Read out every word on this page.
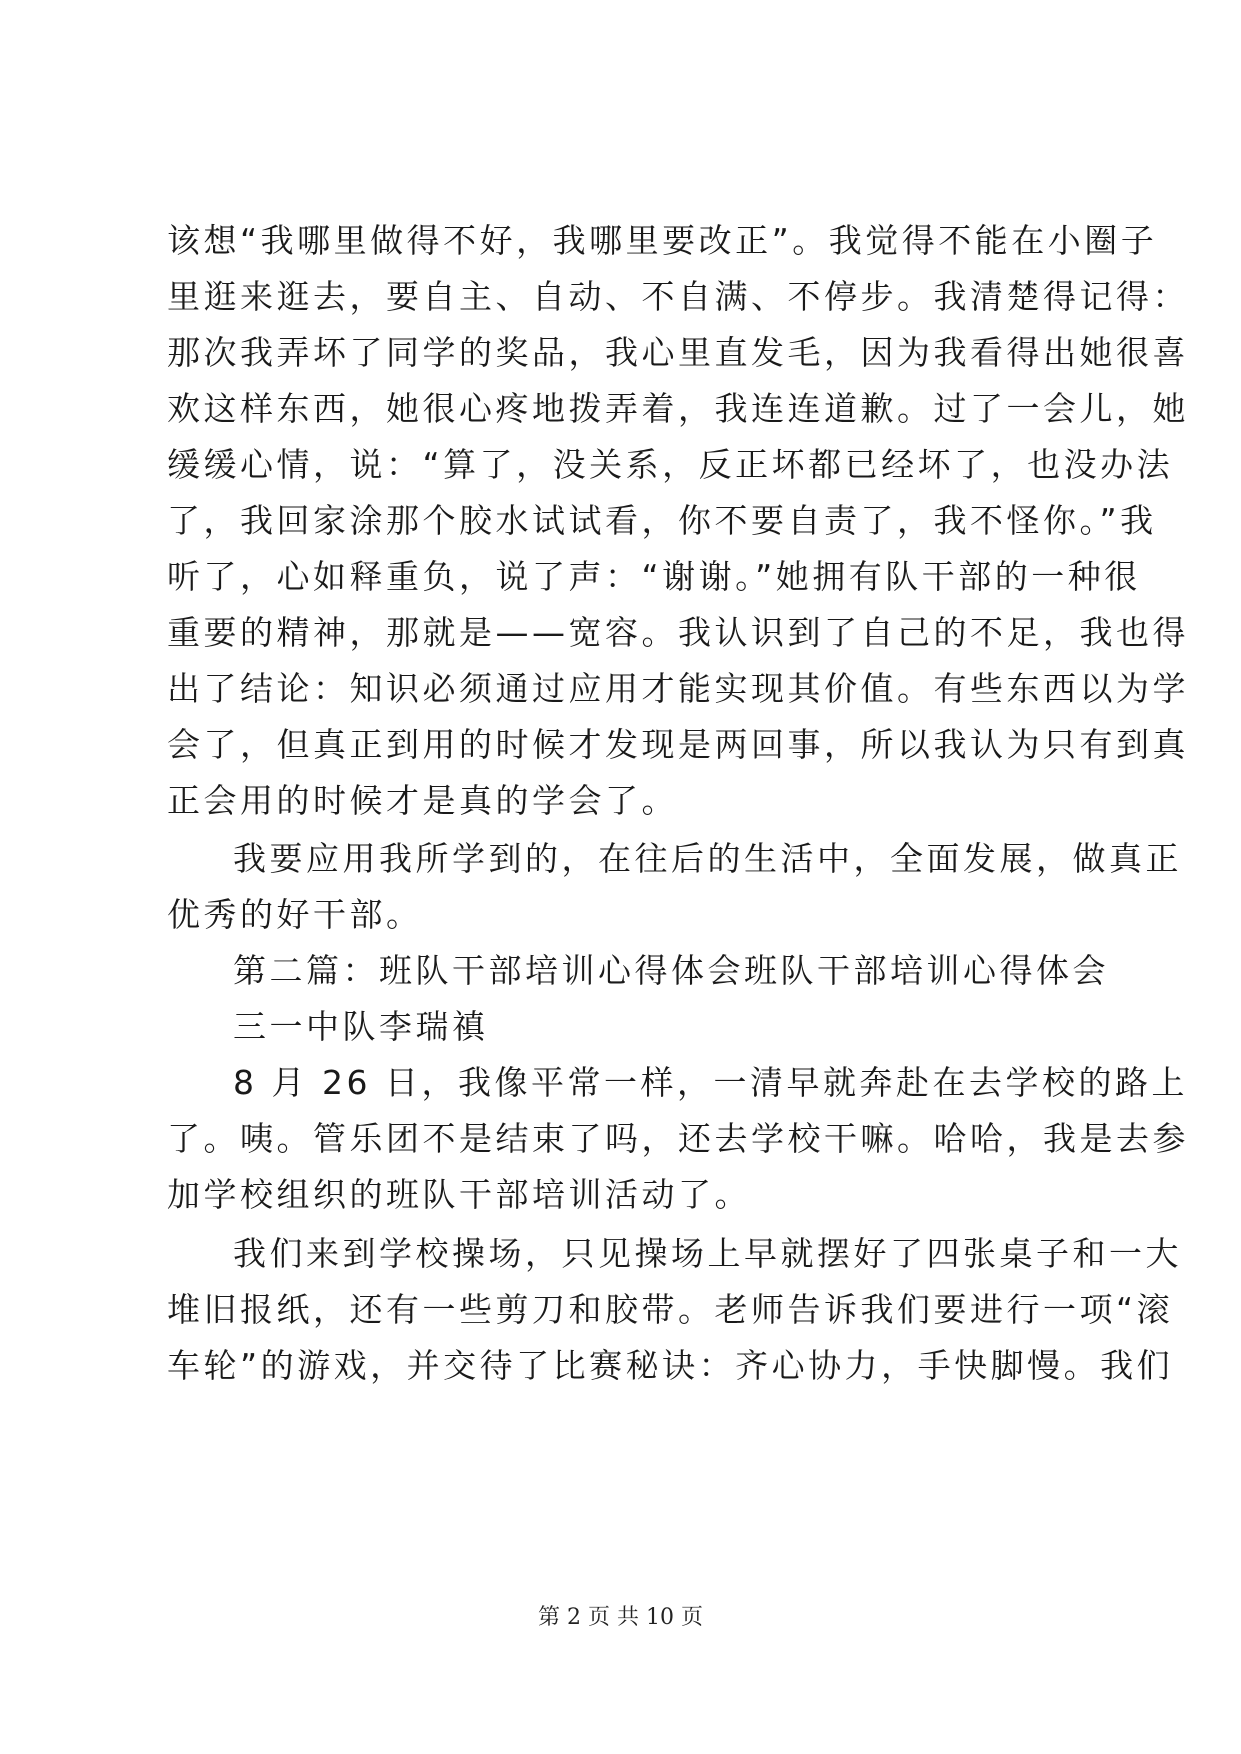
该想“我哪里做得不好，我哪里要改正”。我觉得不能在小圈子
里逛来逛去，要自主、自动、不自满、不停步。我清楚得记得：
那次我弄坏了同学的奖品，我心里直发毛，因为我看得出她很喜
欢这样东西，她很心疼地拨弄着，我连连道歉。过了一会儿，她
缓缓心情，说：“算了，没关系，反正坏都已经坏了，也没办法
了，我回家涂那个胶水试试看，你不要自责了，我不怪你。”我
听了，心如释重负，说了声：“谢谢。”她拥有队干部的一种很
重要的精神，那就是——宽容。我认识到了自己的不足，我也得
出了结论：知识必须通过应用才能实现其价值。有些东西以为学
会了，但真正到用的时候才发现是两回事，所以我认为只有到真
正会用的时候才是真的学会了。
我要应用我所学到的，在往后的生活中，全面发展，做真正
优秀的好干部。
第二篇：班队干部培训心得体会班队干部培训心得体会
三一中队李瑞禛
8 月 26 日，我像平常一样，一清早就奔赴在去学校的路上
了。咦。管乐团不是结束了吗，还去学校干嘛。哈哈，我是去参
加学校组织的班队干部培训活动了。
我们来到学校操场，只见操场上早就摆好了四张桌子和一大
堆旧报纸，还有一些剪刀和胶带。老师告诉我们要进行一项“滚
车轮”的游戏，并交待了比赛秘诀：齐心协力，手快脚慢。我们
第 2 页 共 10 页
